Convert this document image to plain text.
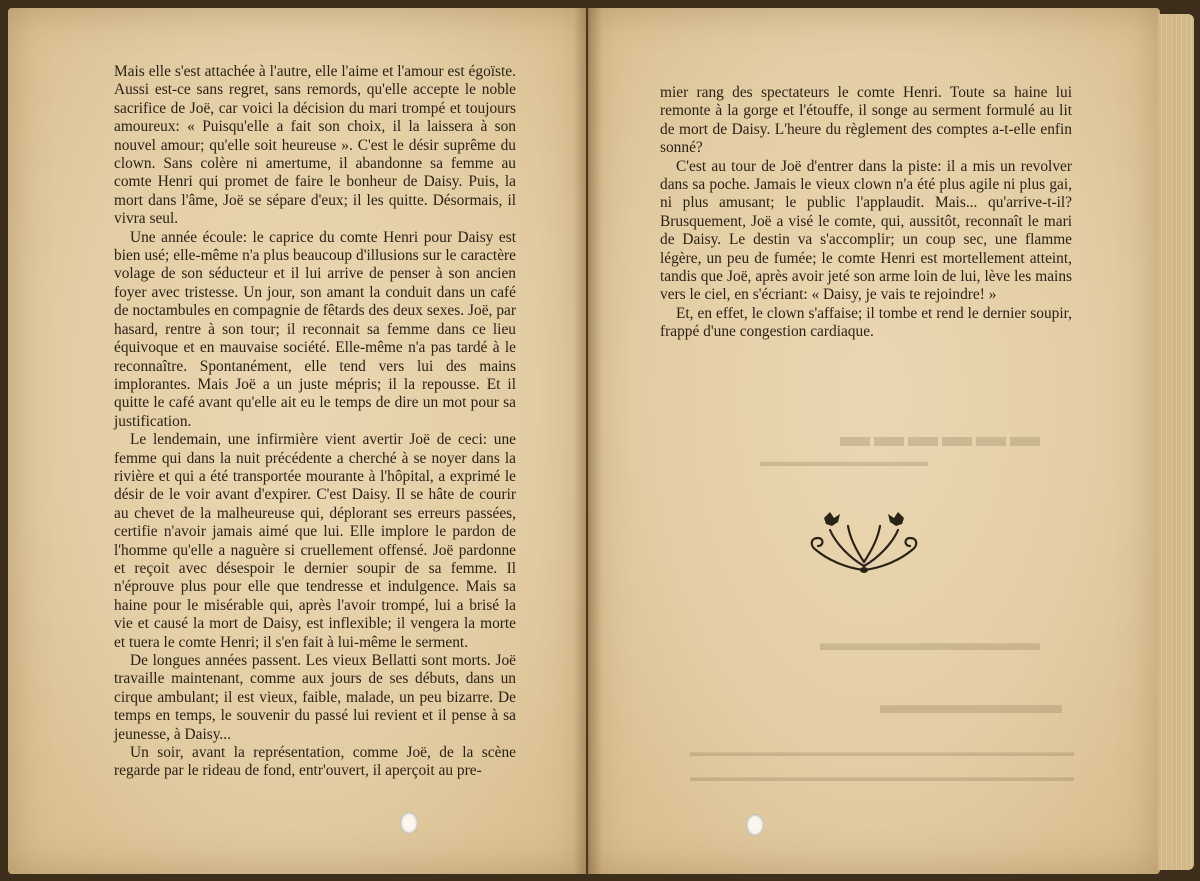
▬▬▬▬▬▬
▬▬▬▬▬▬▬▬▬▬▬▬
▬▬▬▬▬▬▬▬▬▬
▬▬▬▬▬▬▬
▬▬▬▬▬▬▬▬▬▬▬▬▬▬▬▬▬▬▬▬▬▬▬▬▬▬▬▬▬▬▬▬
▬▬▬▬▬▬▬▬▬▬▬▬▬▬▬▬▬▬▬▬▬▬▬▬▬▬▬▬▬▬▬▬

Mais elle s'est attachée à l'autre, elle l'aime et l'amour est égoïste. Aussi est-ce sans regret, sans remords, qu'elle accepte le noble sacrifice de Joë, car voici la décision du mari trompé et toujours amoureux: « Puisqu'elle a fait son choix, il la laissera à son nouvel amour; qu'elle soit heureuse ». C'est le désir suprême du clown. Sans colère ni amertume, il abandonne sa femme au comte Henri qui promet de faire le bonheur de Daisy. Puis, la mort dans l'âme, Joë se sépare d'eux; il les quitte. Désormais, il vivra seul.

Une année écoule: le caprice du comte Henri pour Daisy est bien usé; elle-même n'a plus beaucoup d'illusions sur le caractère volage de son séducteur et il lui arrive de penser à son ancien foyer avec tristesse. Un jour, son amant la conduit dans un café de noctambules en compagnie de fêtards des deux sexes. Joë, par hasard, rentre à son tour; il reconnait sa femme dans ce lieu équivoque et en mauvaise société. Elle-même n'a pas tardé à le reconnaître. Spontanément, elle tend vers lui des mains implorantes. Mais Joë a un juste mépris; il la repousse. Et il quitte le café avant qu'elle ait eu le temps de dire un mot pour sa justification.

Le lendemain, une infirmière vient avertir Joë de ceci: une femme qui dans la nuit précédente a cherché à se noyer dans la rivière et qui a été transportée mourante à l'hôpital, a exprimé le désir de le voir avant d'expirer. C'est Daisy. Il se hâte de courir au chevet de la malheureuse qui, déplorant ses erreurs passées, certifie n'avoir jamais aimé que lui. Elle implore le pardon de l'homme qu'elle a naguère si cruellement offensé. Joë pardonne et reçoit avec désespoir le dernier soupir de sa femme. Il n'éprouve plus pour elle que tendresse et indulgence. Mais sa haine pour le misérable qui, après l'avoir trompé, lui a brisé la vie et causé la mort de Daisy, est inflexible; il vengera la morte et tuera le comte Henri; il s'en fait à lui-même le serment.

De longues années passent. Les vieux Bellatti sont morts. Joë travaille maintenant, comme aux jours de ses débuts, dans un cirque ambulant; il est vieux, faible, malade, un peu bizarre. De temps en temps, le souvenir du passé lui revient et il pense à sa jeunesse, à Daisy...

Un soir, avant la représentation, comme Joë, de la scène regarde par le rideau de fond, entr'ouvert, il aperçoit au pre-

mier rang des spectateurs le comte Henri. Toute sa haine lui remonte à la gorge et l'étouffe, il songe au serment formulé au lit de mort de Daisy. L'heure du règlement des comptes a-t-elle enfin sonné?

C'est au tour de Joë d'entrer dans la piste: il a mis un revolver dans sa poche. Jamais le vieux clown n'a été plus agile ni plus gai, ni plus amusant; le public l'applaudit. Mais... qu'arrive-t-il? Brusquement, Joë a visé le comte, qui, aussitôt, reconnaît le mari de Daisy. Le destin va s'accomplir; un coup sec, une flamme légère, un peu de fumée; le comte Henri est mortellement atteint, tandis que Joë, après avoir jeté son arme loin de lui, lève les mains vers le ciel, en s'écriant: « Daisy, je vais te rejoindre! »

Et, en effet, le clown s'affaise; il tombe et rend le dernier soupir, frappé d'une congestion cardiaque.
